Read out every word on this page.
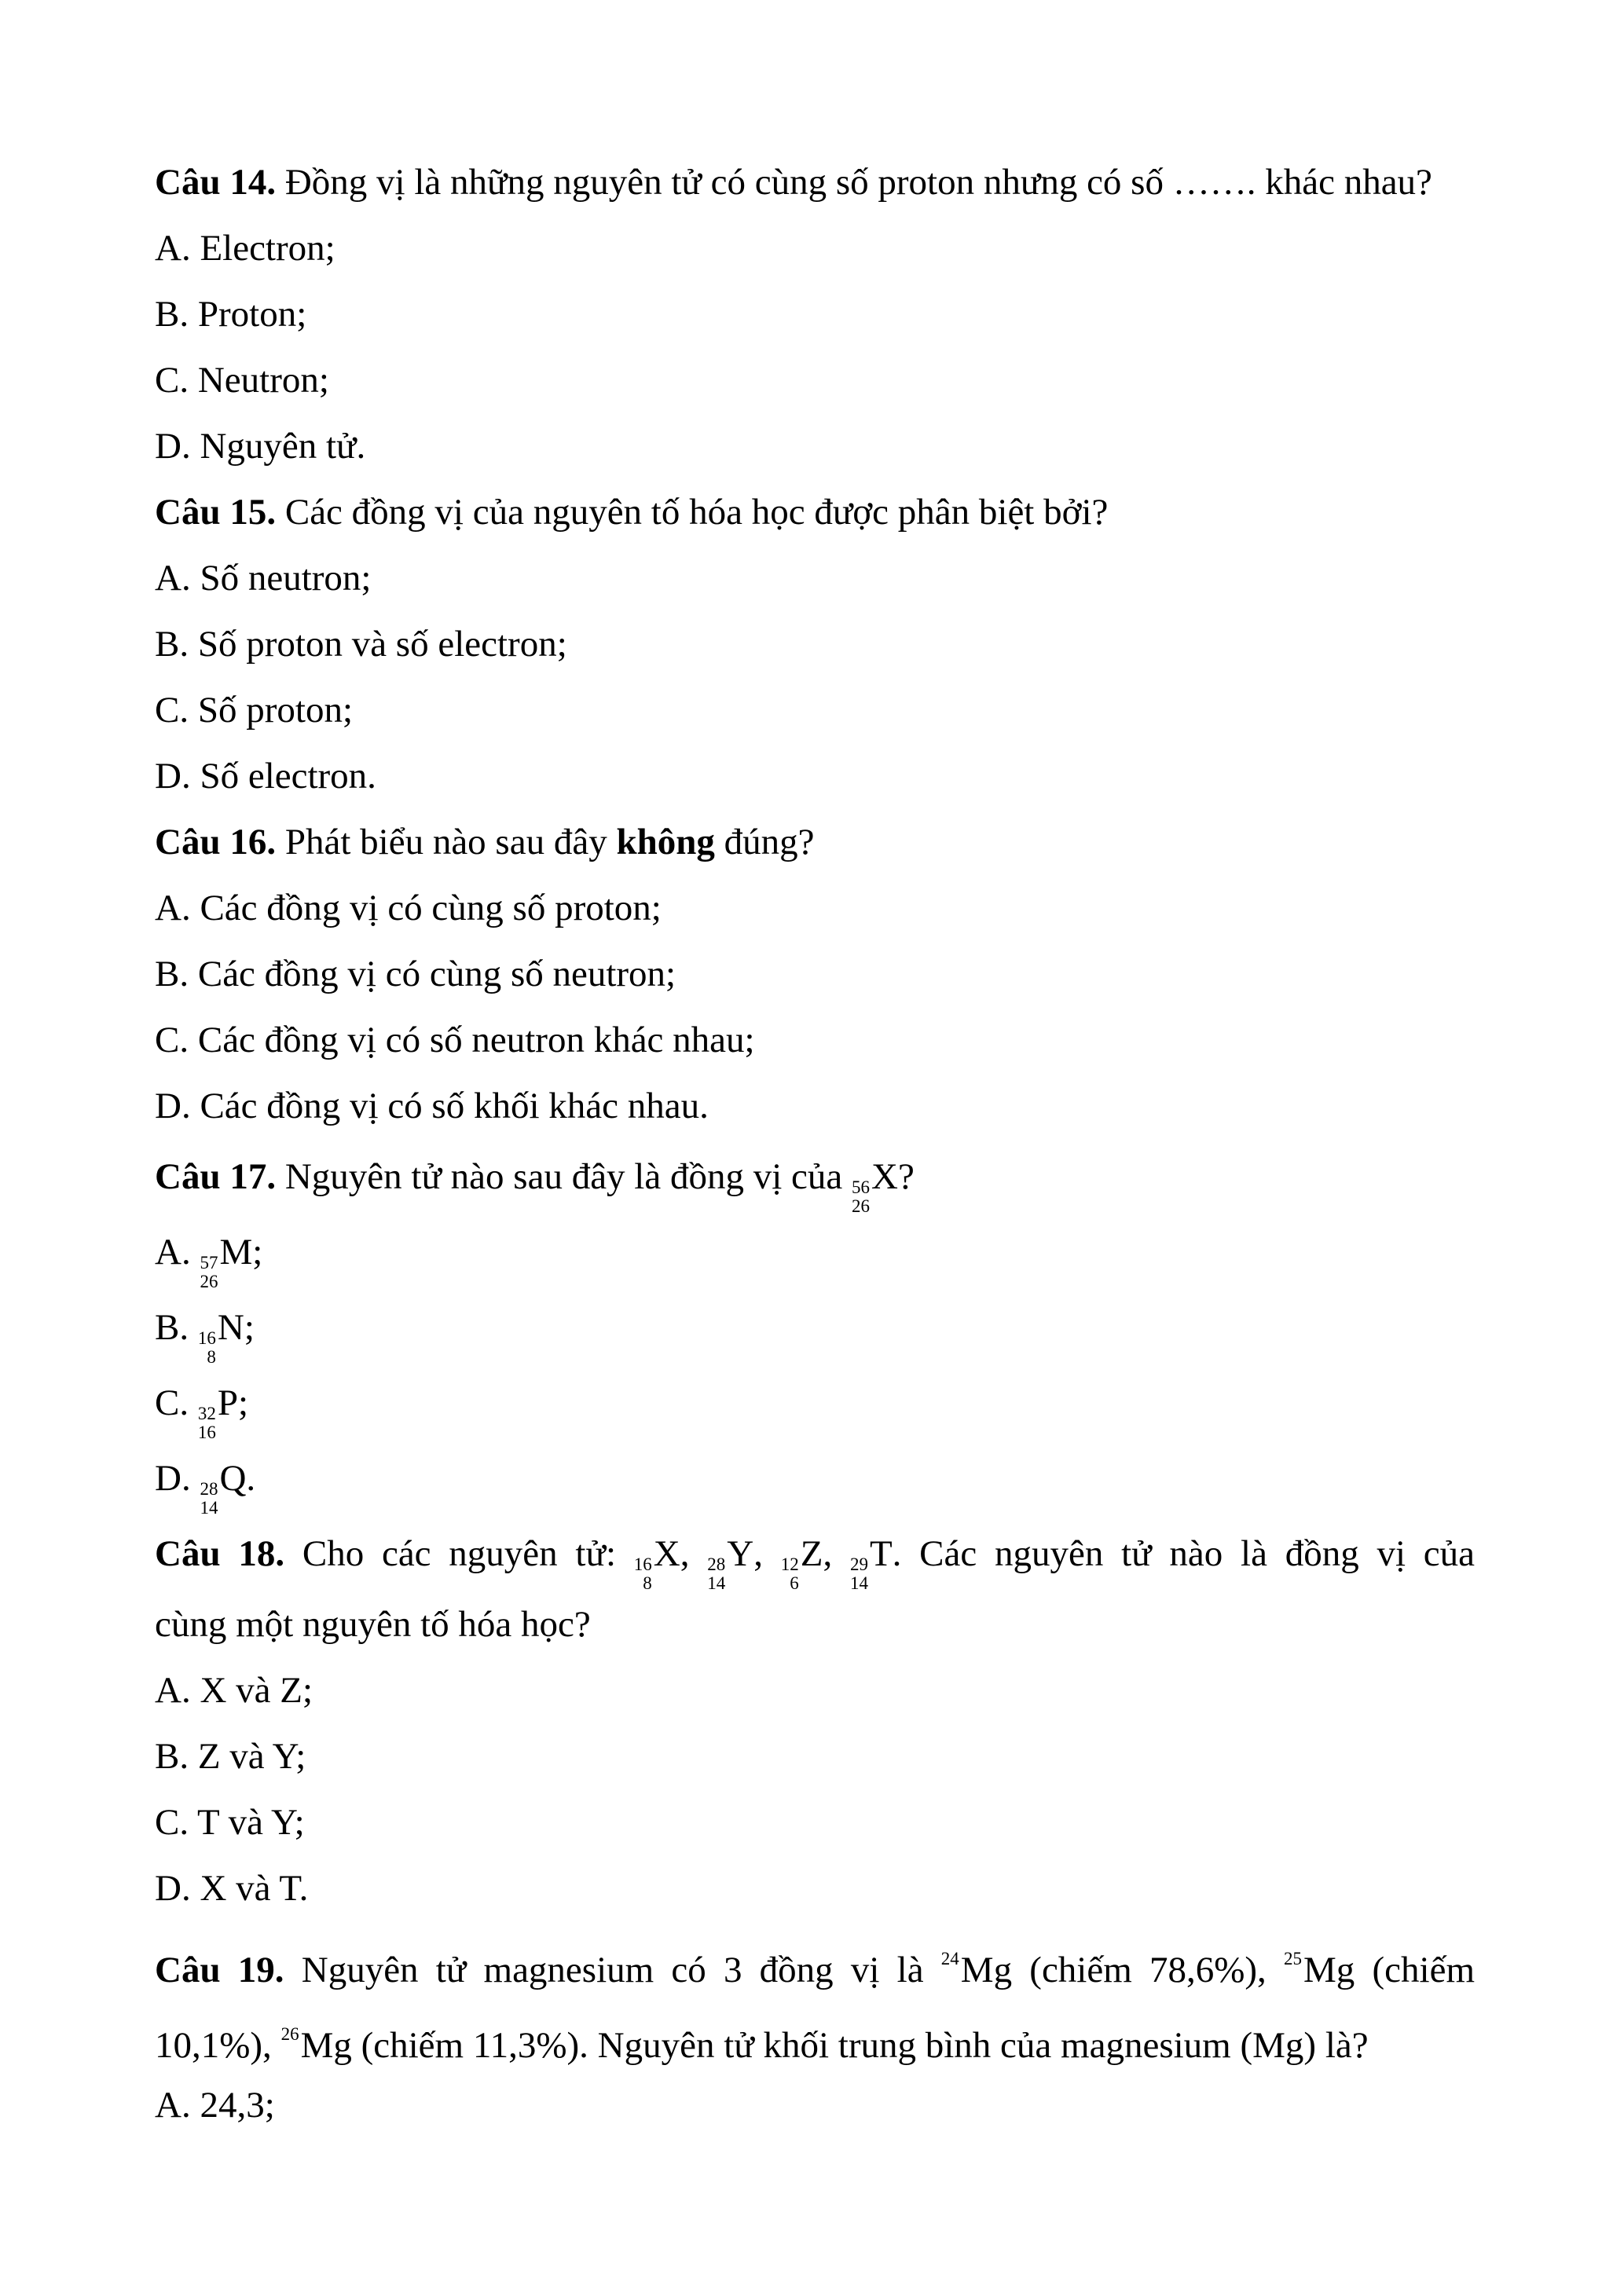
Câu 14. Đồng vị là những nguyên tử có cùng số proton nhưng có số ……. khác nhau?
A. Electron;
B. Proton;
C. Neutron;
D. Nguyên tử.
Câu 15. Các đồng vị của nguyên tố hóa học được phân biệt bởi?
A. Số neutron;
B. Số proton và số electron;
C. Số proton;
D. Số electron.
Câu 16. Phát biểu nào sau đây không đúng?
A. Các đồng vị có cùng số proton;
B. Các đồng vị có cùng số neutron;
C. Các đồng vị có số neutron khác nhau;
D. Các đồng vị có số khối khác nhau.
Câu 17. Nguyên tử nào sau đây là đồng vị của 56
26
X?
A. 57
26
M;
B. 16
8
N;
C. 32
16
P;
D. 28
14
Q.
Câu 18. Cho các nguyên tử: 16
8
X, 28
14
Y, 12
6
Z, 29
14
T. Các nguyên tử nào là đồng vị của
cùng một nguyên tố hóa học?
A. X và Z;
B. Z và Y;
C. T và Y;
D. X và T.
Câu 19. Nguyên tử magnesium có 3 đồng vị là $^{24}$Mg (chiếm 78,6%), $^{25}$Mg (chiếm
10,1%), $^{26}$Mg (chiếm 11,3%). Nguyên tử khối trung bình của magnesium (Mg) là?
A. 24,3;
